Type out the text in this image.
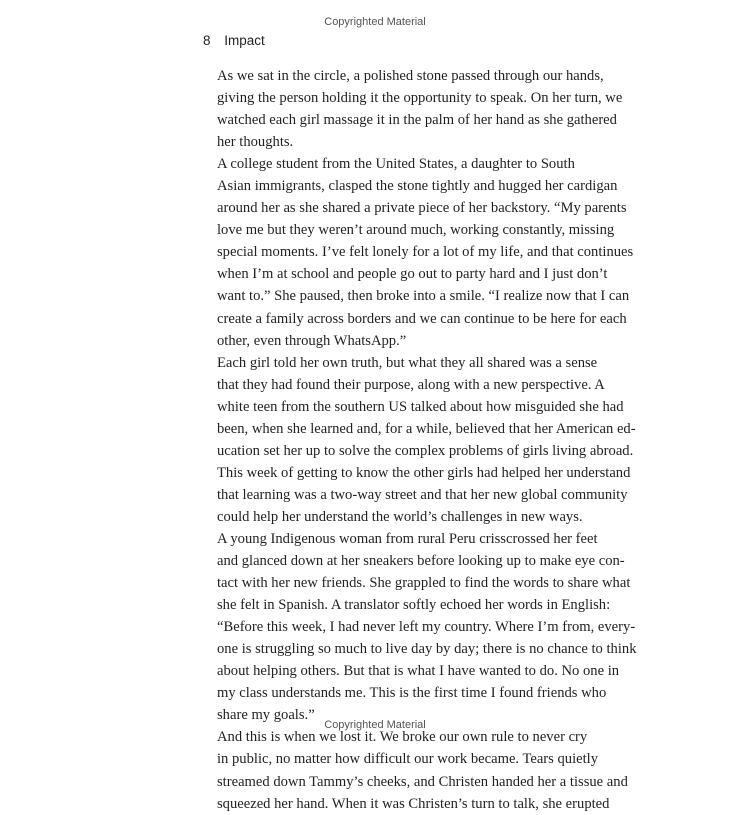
Copyrighted Material
8 Impact

As we sat in the circle, a polished stone passed through our hands,
giving the person holding it the opportunity to speak. On her turn, we
watched each girl massage it in the palm of her hand as she gathered
her thoughts.

A college student from the United States, a daughter to South
Asian immigrants, clasped the stone tightly and hugged her cardigan
around her as she shared a private piece of her backstory. “My parents
love me but they weren’t around much, working constantly, missing
special moments. I’ve felt lonely for a lot of my life, and that continues
when I’m at school and people go out to party hard and I just don’t
want to.” She paused, then broke into a smile. “I realize now that I can
create a family across borders and we can continue to be here for each
other, even through WhatsApp.”

Each girl told her own truth, but what they all shared was a sense
that they had found their purpose, along with a new perspective. A
white teen from the southern US talked about how misguided she had
been, when she learned and, for a while, believed that her American ed-
ucation set her up to solve the complex problems of girls living abroad.
This week of getting to know the other girls had helped her understand
that learning was a two-way street and that her new global community
could help her understand the world’s challenges in new ways.

A young Indigenous woman from rural Peru crisscrossed her feet
and glanced down at her sneakers before looking up to make eye con-
tact with her new friends. She grappled to find the words to share what
she felt in Spanish. A translator softly echoed her words in English:
“Before this week, I had never left my country. Where I’m from, every-
one is struggling so much to live day by day; there is no chance to think
about helping others. But that is what I have wanted to do. No one in
my class understands me. This is the first time I found friends who
share my goals.”

And this is when we lost it. We broke our own rule to never cry
in public, no matter how difficult our work became. Tears quietly
streamed down Tammy’s cheeks, and Christen handed her a tissue and
squeezed her hand. When it was Christen’s turn to talk, she erupted

Copyrighted Material
